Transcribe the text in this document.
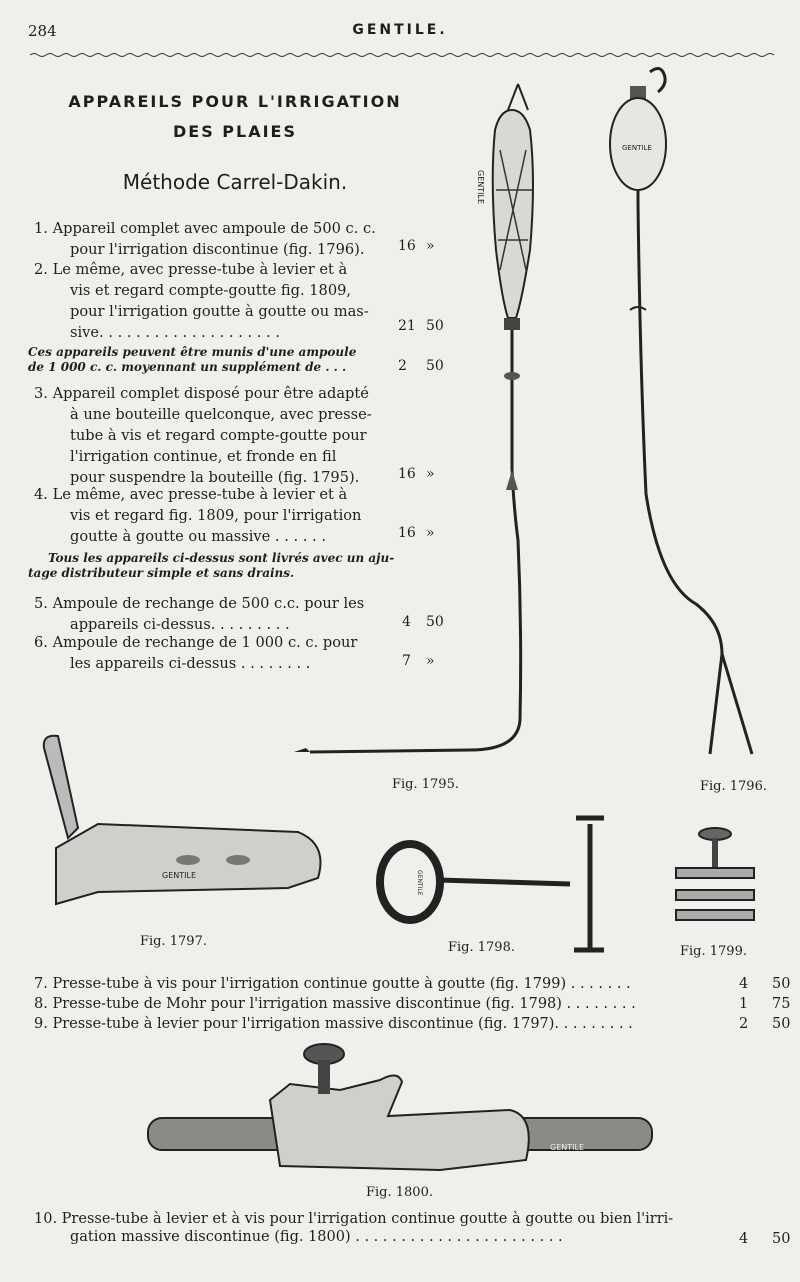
284	GENTILE.
APPAREILS POUR L'IRRIGATION
DES PLAIES
Méthode Carrel-Dakin.
1. Appareil complet avec ampoule de 500 c. c.
pour l'irrigation discontinue (fig. 1796).	16 »
2. Le même, avec presse-tube à levier et à
vis et regard compte-goutte fig. 1809,
pour l'irrigation goutte à goutte ou mas-
sive. . . . . . . . . . . . . . . . . . . .	21 50
Ces appareils peuvent être munis d'une ampoule
de 1 000 c. c. moyennant un supplément de . . .	2 50
3. Appareil complet disposé pour être adapté
à une bouteille quelconque, avec presse-
tube à vis et regard compte-goutte pour
l'irrigation continue, et fronde en fil
pour suspendre la bouteille (fig. 1795).	16 »
4. Le même, avec presse-tube à levier et à
vis et regard fig. 1809, pour l'irrigation
goutte à goutte ou massive . . . . . .	16 »
Tous les appareils ci-dessus sont livrés avec un aju-
tage distributeur simple et sans drains.
5. Ampoule de rechange de 500 c.c. pour les
appareils ci-dessus. . . . . . . . .	4 50
6. Ampoule de rechange de 1 000 c. c. pour
les appareils ci-dessus . . . . . . . .	7 »
GENTILE
Fig. 1795.
GENTILE
Fig. 1796.
GENTILE
Fig. 1797.
GENTILE
Fig. 1798.	Fig. 1799.
7. Presse-tube à vis pour l'irrigation continue goutte à goutte (fig. 1799) . . . . . . .	4 50
8. Presse-tube de Mohr pour l'irrigation massive discontinue (fig. 1798) . . . . . . . .	1 75
9. Presse-tube à levier pour l'irrigation massive discontinue (fig. 1797). . . . . . . . .	2 50
GENTILE
Fig. 1800.
10. Presse-tube à levier et à vis pour l'irrigation continue goutte à goutte ou bien l'irri-
gation massive discontinue (fig. 1800) . . . . . . . . . . . . . . . . . . . . . . .	4 50
